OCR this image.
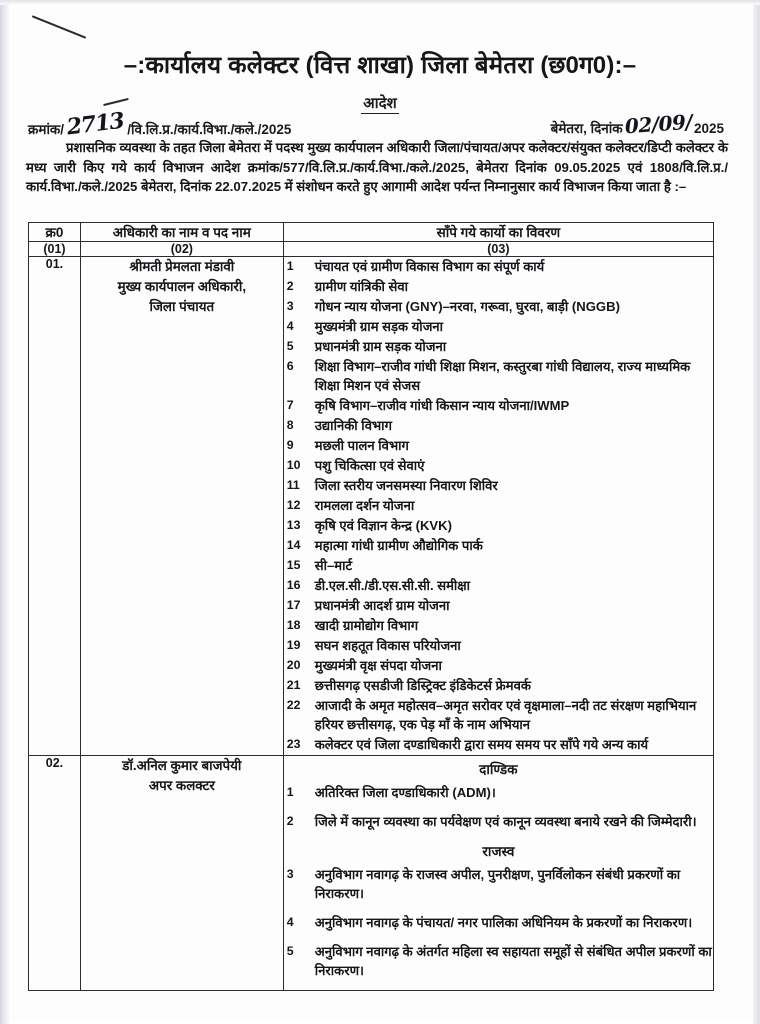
–:कार्यालय कलेक्टर (वित्त शाखा) जिला बेमेतरा (छ0ग0):–
आदेश
क्रमांक/2713 /वि.लि.प्र./कार्य.विभा./कले./2025	बेमेतरा, दिनांक02/09/2025

प्रशासनिक व्यवस्था के तहत जिला बेमेतरा में पदस्थ मुख्य कार्यपालन अधिकारी जिला/पंचायत/अपर कलेक्टर/संयुक्त कलेक्टर/डिप्टी कलेक्टर के मध्य जारी किए गये कार्य विभाजन आदेश क्रमांक/577/वि.लि.प्र./कार्य.विभा./कले./2025, बेमेतरा दिनांक 09.05.2025 एवं 1808/वि.लि.प्र./कार्य.विभा./कले./2025 बेमेतरा, दिनांक 22.07.2025 में संशोधन करते हुए आगामी आदेश पर्यन्त निम्नानुसार कार्य विभाजन किया जाता है :–

क्र0	अधिकारी का नाम व पद नाम	साँपे गये कार्यो का विवरण
(01)	(02)	(03)
01.	श्रीमती प्रेमलता मंडावी
मुख्य कार्यपालन अधिकारी,
जिला पंचायत

1	पंचायत एवं ग्रामीण विकास विभाग का संपूर्ण कार्य
2	ग्रामीण यांत्रिकी सेवा
3	गोधन न्याय योजना (GNY)–नरवा, गरूवा, घुरवा, बाड़ी (NGGB)
4	मुख्यमंत्री ग्राम सड़क योजना
5	प्रधानमंत्री ग्राम सड़क योजना
6	शिक्षा विभाग–राजीव गांधी शिक्षा मिशन, कस्तुरबा गांधी विद्यालय, राज्य माध्यमिक शिक्षा मिशन एवं सेजस
7	कृषि विभाग–राजीव गांधी किसान न्याय योजना/IWMP
8	उद्यानिकी विभाग
9	मछली पालन विभाग
10	पशु चिकित्सा एवं सेवाएं
11	जिला स्तरीय जनसमस्या निवारण शिविर
12	रामलला दर्शन योजना
13	कृषि एवं विज्ञान केन्द्र (KVK)
14	महात्मा गांधी ग्रामीण औद्योगिक पार्क
15	सी–मार्ट
16	डी.एल.सी./डी.एस.सी.सी. समीक्षा
17	प्रधानमंत्री आदर्श ग्राम योजना
18	खादी ग्रामोद्योग विभाग
19	सघन शहतूत विकास परियोजना
20	मुख्यमंत्री वृक्ष संपदा योजना
21	छत्तीसगढ़ एसडीजी डिस्ट्रिक्ट इंडिकेटर्स फ्रेमवर्क
22	आजादी के अमृत महोत्सव–अमृत सरोवर एवं वृक्षमाला–नदी तट संरक्षण महाभियान हरियर छत्तीसगढ़, एक पेड़ माँ के नाम अभियान
23	कलेक्टर एवं जिला दण्डाधिकारी द्वारा समय समय पर साँपे गये अन्य कार्य

02.	डॉ.अनिल कुमार बाजपेयी
अपर कलक्टर

दाण्डिक
1	अतिरिक्त जिला दण्डाधिकारी (ADM)।
2	जिले में कानून व्यवस्था का पर्यवेक्षण एवं कानून व्यवस्था बनाये रखने की जिम्मेदारी।
राजस्व
3	अनुविभाग नवागढ़ के राजस्व अपील, पुनरीक्षण, पुनर्विलोकन संबंधी प्रकरणों का निराकरण।
4	अनुविभाग नवागढ़ के पंचायत/ नगर पालिका अधिनियम के प्रकरणों का निराकरण।
5	अनुविभाग नवागढ़ के अंतर्गत महिला स्व सहायता समूहों से संबंधित अपील प्रकरणों का निराकरण।
